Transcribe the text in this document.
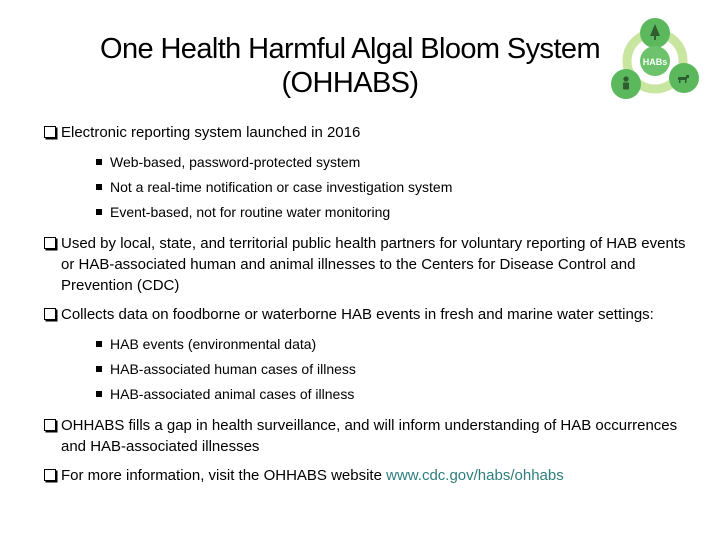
One Health Harmful Algal Bloom System
(OHHABS)
HABs
Electronic reporting system launched in 2016
Web-based, password-protected system
Not a real-time notification or case investigation system
Event-based, not for routine water monitoring
Used by local, state, and territorial public health partners for voluntary reporting of HAB events or HAB-associated human and animal illnesses to the Centers for Disease Control and Prevention (CDC)
Collects data on foodborne or waterborne HAB events in fresh and marine water settings:
HAB events (environmental data)
HAB-associated human cases of illness
HAB-associated animal cases of illness
OHHABS fills a gap in health surveillance, and will inform understanding of HAB occurrences and HAB-associated illnesses
For more information, visit the OHHABS website www.cdc.gov/habs/ohhabs
